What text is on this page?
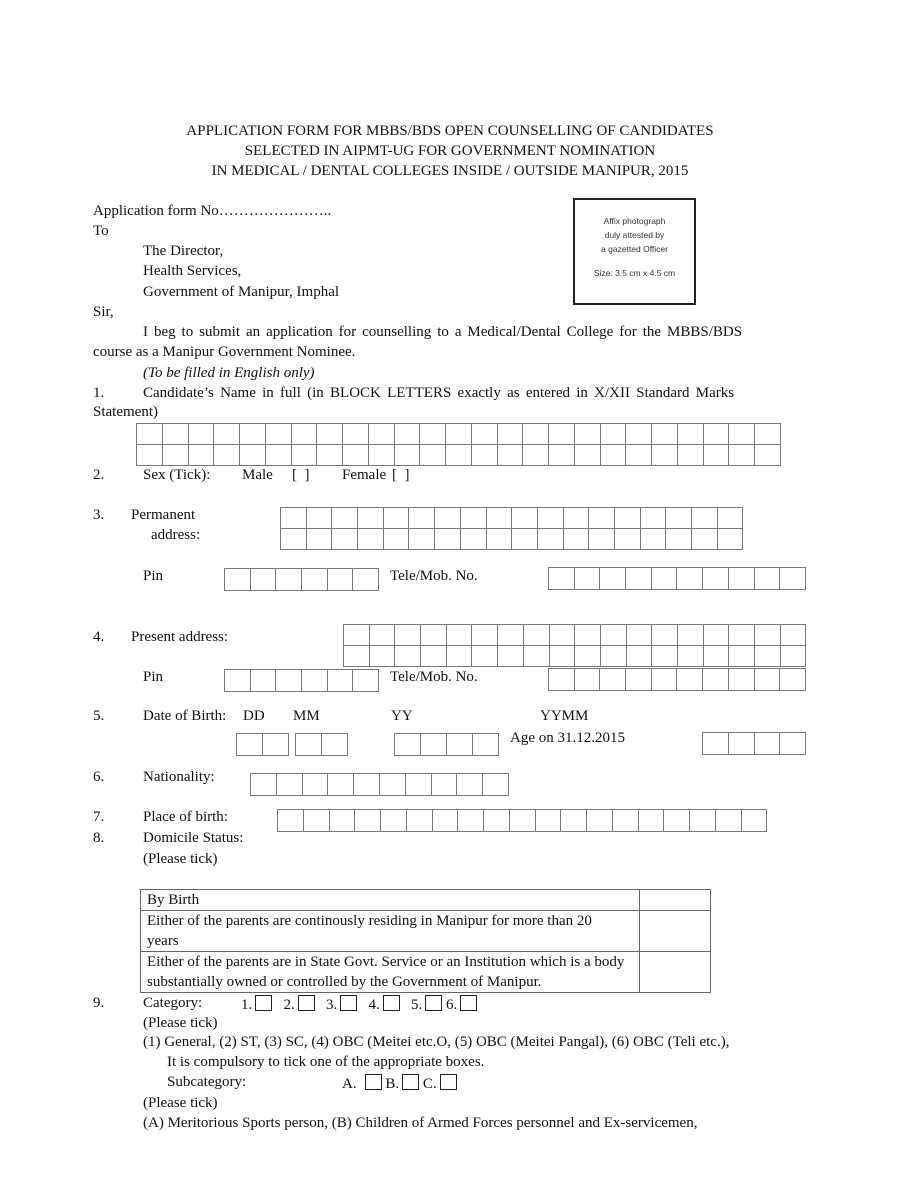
APPLICATION FORM FOR MBBS/BDS OPEN COUNSELLING OF CANDIDATES
SELECTED IN AIPMT-UG FOR GOVERNMENT NOMINATION
IN MEDICAL / DENTAL COLLEGES INSIDE / OUTSIDE MANIPUR, 2015
Application form No…………………..
To
The Director,
Health Services,
Government of Manipur, Imphal
Affix photograph
duly attested by
a gazetted Officer
Size: 3.5 cm x 4.5 cm
Sir,
I beg to submit an application for counselling to a Medical/Dental College for the MBBS/BDS
course as a Manipur Government Nominee.
(To be filled in English only)
1.	Candidate’s Name in full (in BLOCK LETTERS exactly as entered in X/XII Standard Marks
Statement)
2.	Sex (Tick): Male [  ] Female [  ]
3. Permanent
address:
Pin	Tele/Mob. No.
4. Present address:
Pin	Tele/Mob. No.
5.	Date of Birth: DD MM	YY	YYMM
Age on 31.12.2015
6.	Nationality:
7.	Place of birth:
8.	Domicile Status:
(Please tick)
By Birth	
Either of the parents are continously residing in Manipur for more than 20 years	
Either of the parents are in State Govt. Service or an Institution which is a body substantially owned or controlled by the Government of Manipur.	
9.	Category:	1. 2. 3. 4. 5. 6.
(Please tick)
(1) General, (2) ST, (3) SC, (4) OBC (Meitei etc.O, (5) OBC (Meitei Pangal), (6) OBC (Teli etc.),
It is compulsory to tick one of the appropriate boxes.
Subcategory:	A. B. C.
(Please tick)
(A) Meritorious Sports person, (B) Children of Armed Forces personnel and Ex-servicemen,
